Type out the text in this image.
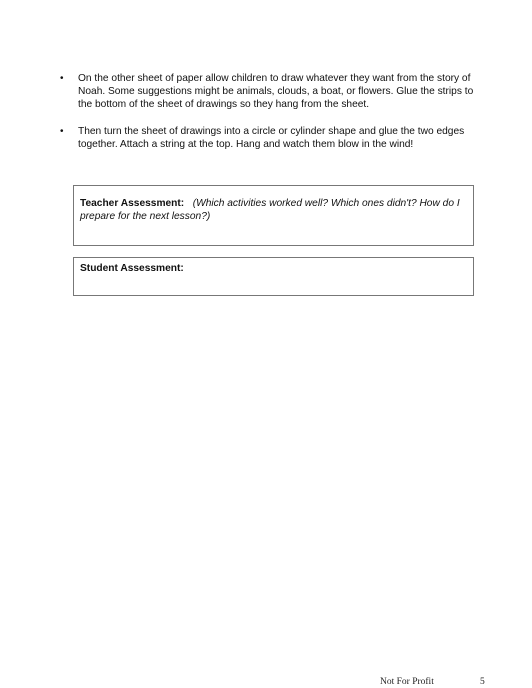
• On the other sheet of paper allow children to draw whatever they want from the story of Noah. Some suggestions might be animals, clouds, a boat, or flowers. Glue the strips to the bottom of the sheet of drawings so they hang from the sheet.
• Then turn the sheet of drawings into a circle or cylinder shape and glue the two edges together. Attach a string at the top. Hang and watch them blow in the wind!
Teacher Assessment: (Which activities worked well? Which ones didn't? How do I prepare for the next lesson?)
Student Assessment:
Not For Profit	5
